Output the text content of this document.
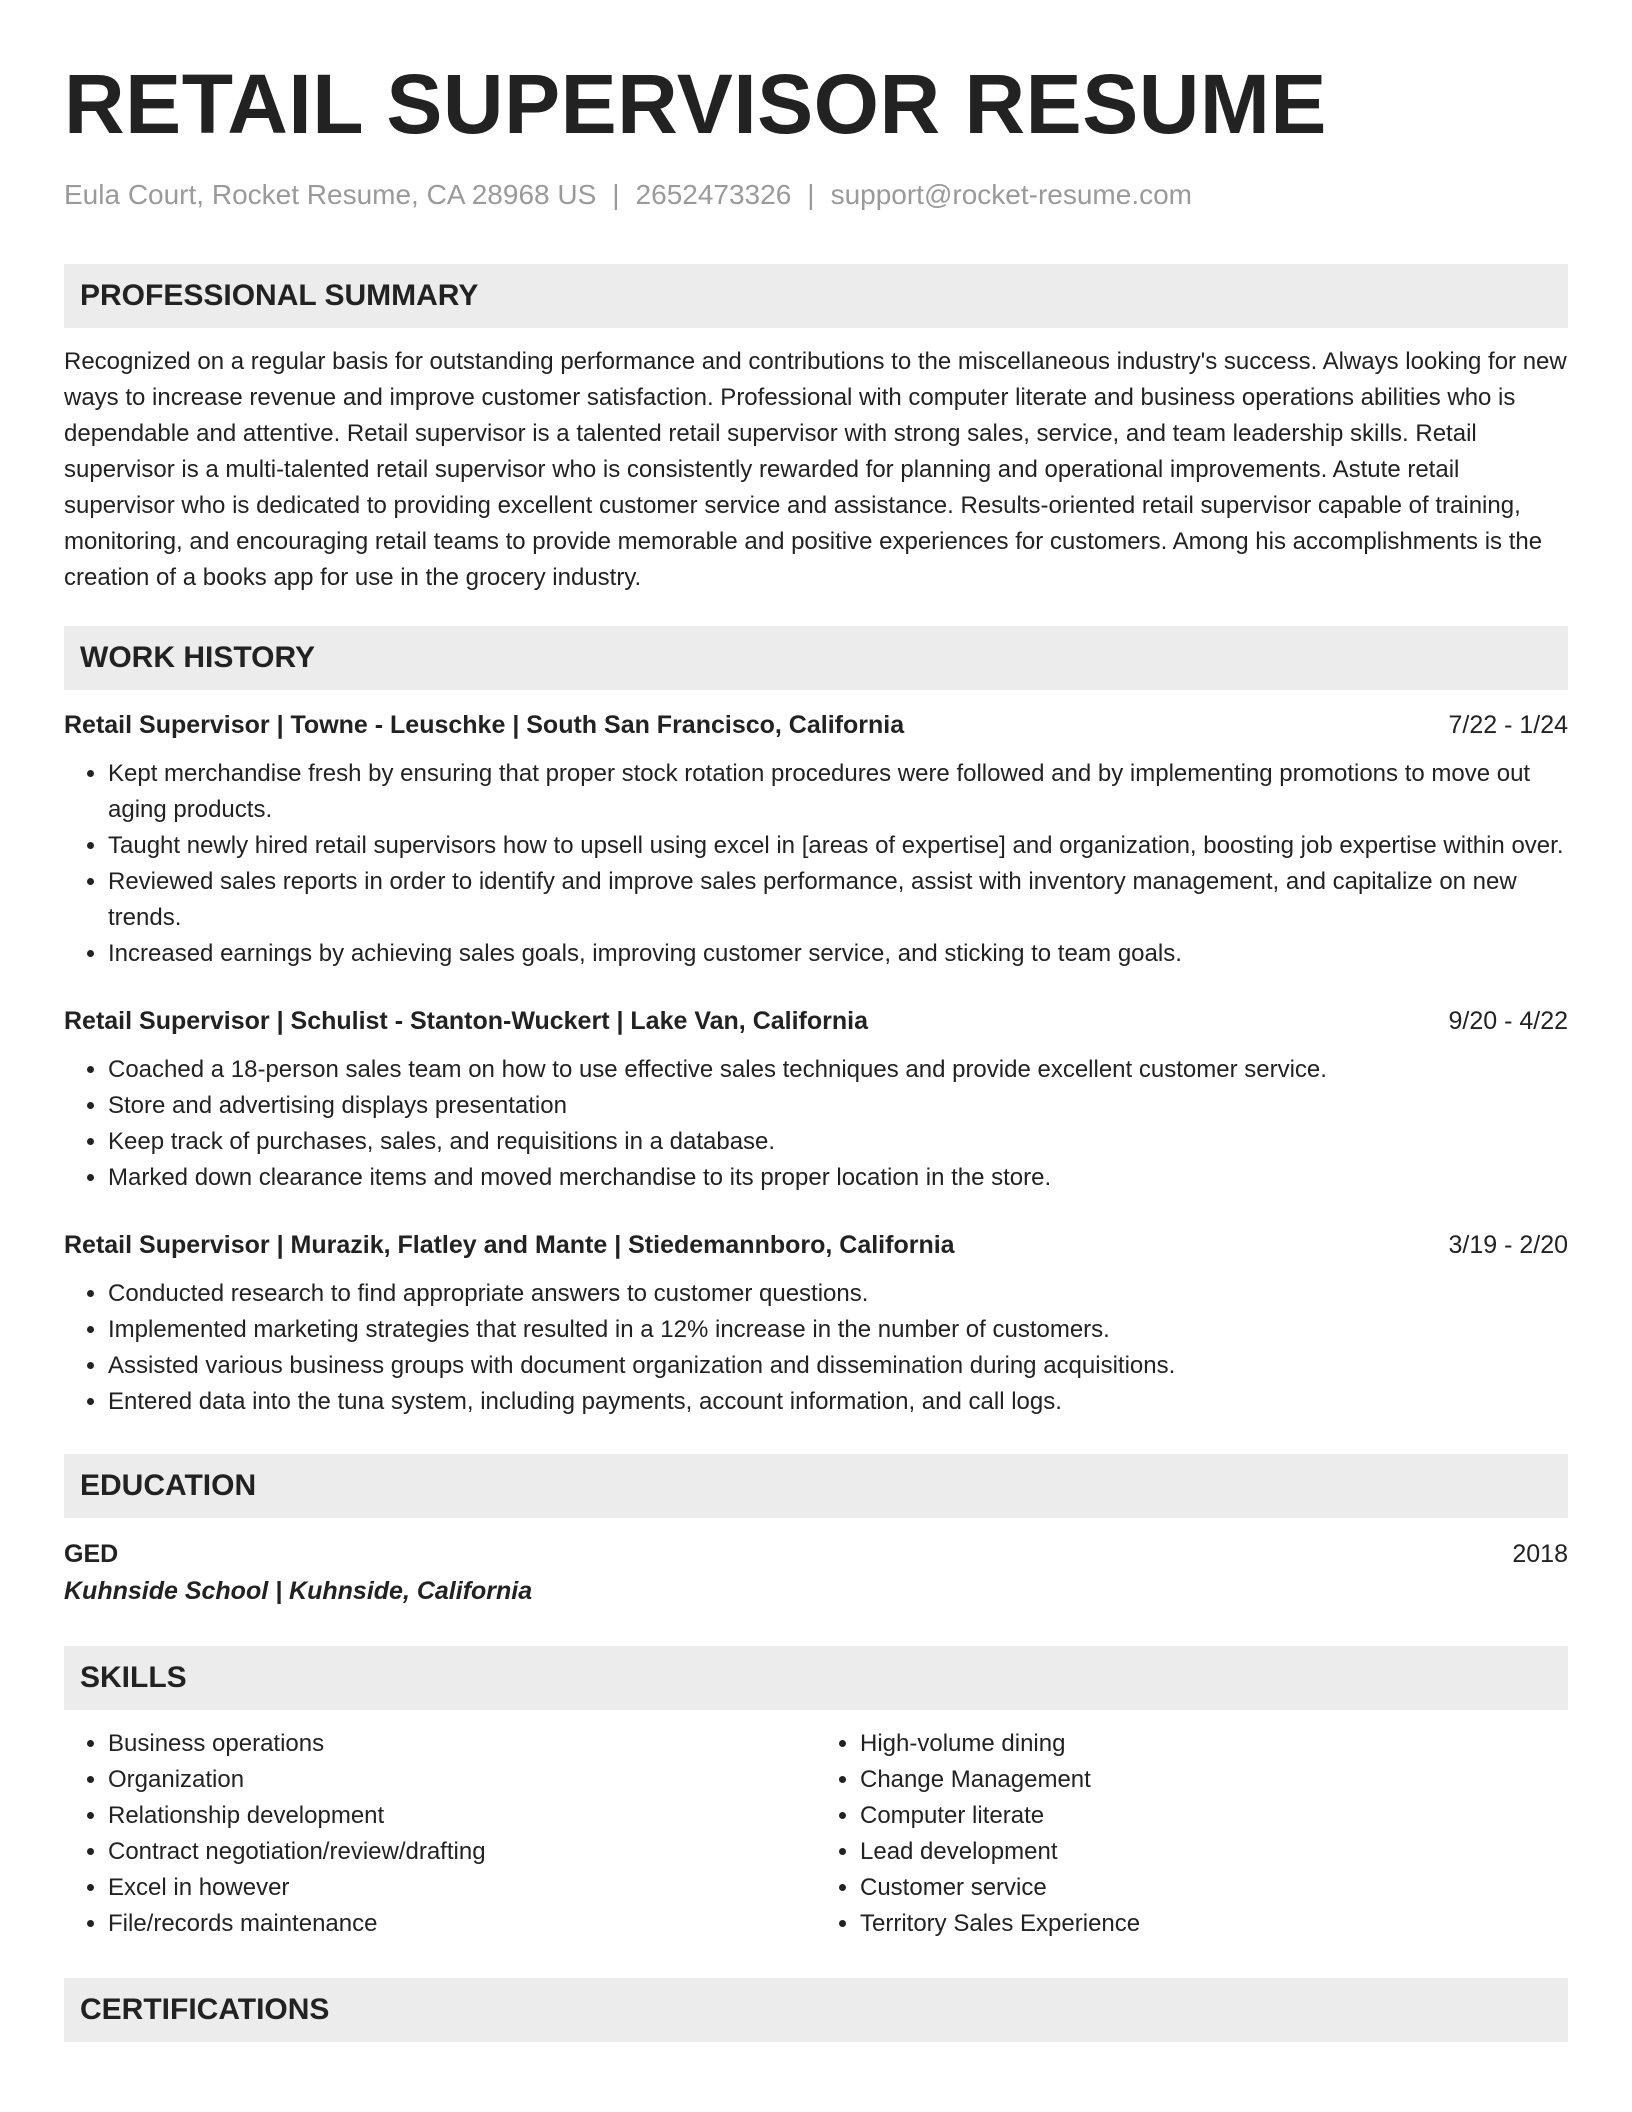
RETAIL SUPERVISOR RESUME
Eula Court, Rocket Resume, CA 28968 US | 2652473326 | support@rocket-resume.com
PROFESSIONAL SUMMARY

Recognized on a regular basis for outstanding performance and contributions to the miscellaneous industry's success. Always looking for new ways to increase revenue and improve customer satisfaction. Professional with computer literate and business operations abilities who is dependable and attentive. Retail supervisor is a talented retail supervisor with strong sales, service, and team leadership skills. Retail supervisor is a multi-talented retail supervisor who is consistently rewarded for planning and operational improvements. Astute retail supervisor who is dedicated to providing excellent customer service and assistance. Results-oriented retail supervisor capable of training, monitoring, and encouraging retail teams to provide memorable and positive experiences for customers. Among his accomplishments is the creation of a books app for use in the grocery industry.

WORK HISTORY
Retail Supervisor | Towne - Leuschke | South San Francisco, California	7/22 - 1/24
• Kept merchandise fresh by ensuring that proper stock rotation procedures were followed and by implementing promotions to move out aging products.
• Taught newly hired retail supervisors how to upsell using excel in [areas of expertise] and organization, boosting job expertise within over.
• Reviewed sales reports in order to identify and improve sales performance, assist with inventory management, and capitalize on new trends.
• Increased earnings by achieving sales goals, improving customer service, and sticking to team goals.
Retail Supervisor | Schulist - Stanton-Wuckert | Lake Van, California	9/20 - 4/22
• Coached a 18-person sales team on how to use effective sales techniques and provide excellent customer service.
• Store and advertising displays presentation
• Keep track of purchases, sales, and requisitions in a database.
• Marked down clearance items and moved merchandise to its proper location in the store.
Retail Supervisor | Murazik, Flatley and Mante | Stiedemannboro, California	3/19 - 2/20
• Conducted research to find appropriate answers to customer questions.
• Implemented marketing strategies that resulted in a 12% increase in the number of customers.
• Assisted various business groups with document organization and dissemination during acquisitions.
• Entered data into the tuna system, including payments, account information, and call logs.
EDUCATION
GED	2018
Kuhnside School | Kuhnside, California
SKILLS
• Business operations
• Organization
• Relationship development
• Contract negotiation/review/drafting
• Excel in however
• File/records maintenance
• High-volume dining
• Change Management
• Computer literate
• Lead development
• Customer service
• Territory Sales Experience
CERTIFICATIONS
